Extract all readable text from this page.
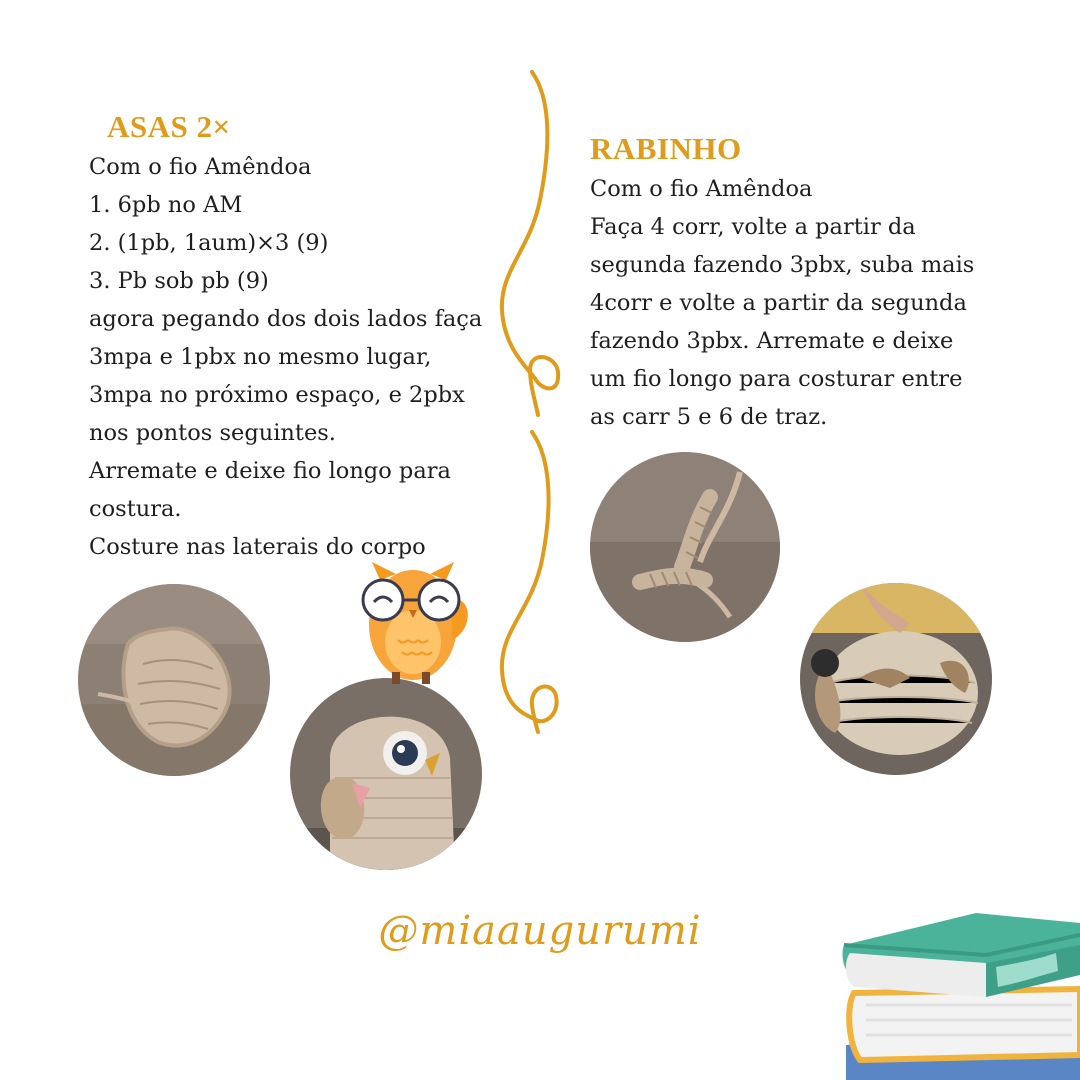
ASAS 2×

Com o fio Amêndoa

1. 6pb no AM

2. (1pb, 1aum)×3 (9)

3. Pb sob pb (9)

agora pegando dos dois lados faça

3mpa e 1pbx no mesmo lugar,

3mpa no próximo espaço, e 2pbx

nos pontos seguintes.

Arremate e deixe fio longo para

costura.

Costure nas laterais do corpo

RABINHO

Com o fio Amêndoa

Faça 4 corr, volte a partir da

segunda fazendo 3pbx, suba mais

4corr e volte a partir da segunda

fazendo 3pbx. Arremate e deixe

um fio longo para costurar entre

as carr 5 e 6 de traz.

@miaaugurumi
